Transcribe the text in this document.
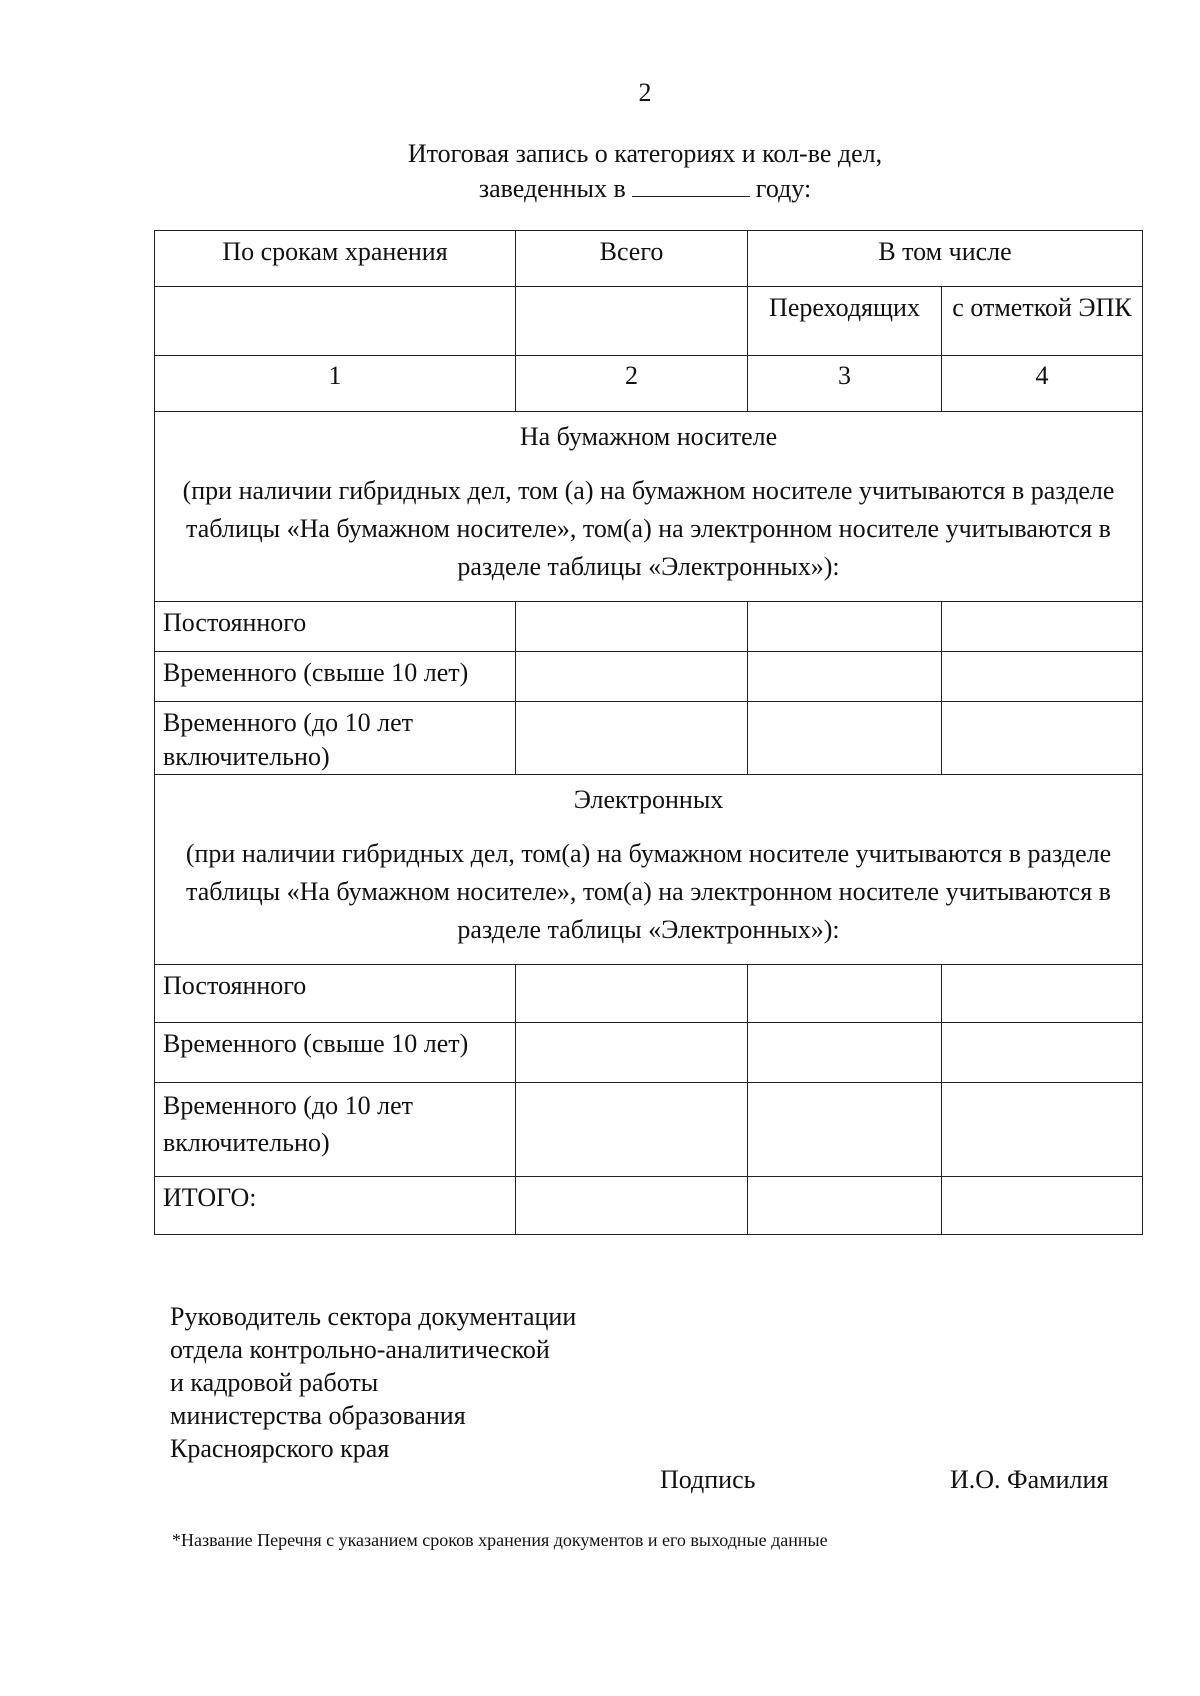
2
Итоговая запись о категориях и кол-ве дел,
заведенных в	году:
По срокам хранения	Всего	В том числе	
		Переходящих	с отметкой ЭПК
1	2	3	4

На бумажном носителе
(при наличии гибридных дел, том (а) на бумажном носителе учитываются в разделе таблицы «На бумажном носителе», том(а) на электронном носителе учитываются в разделе таблицы «Электронных»):			

Постоянного			
Временного (свыше 10 лет)			
Временного (до 10 лет включительно)			

Электронных
(при наличии гибридных дел, том(а) на бумажном носителе учитываются в разделе таблицы «На бумажном носителе», том(а) на электронном носителе учитываются в разделе таблицы «Электронных»):			

Постоянного			
Временного (свыше 10 лет)			
Временного (до 10 лет включительно)			
ИТОГО:			
Руководитель сектора документации
отдела контрольно-аналитической
и кадровой работы
министерства образования
Красноярского края
Подпись	И.О. Фамилия
*Название Перечня с указанием сроков хранения документов и его выходные данные
